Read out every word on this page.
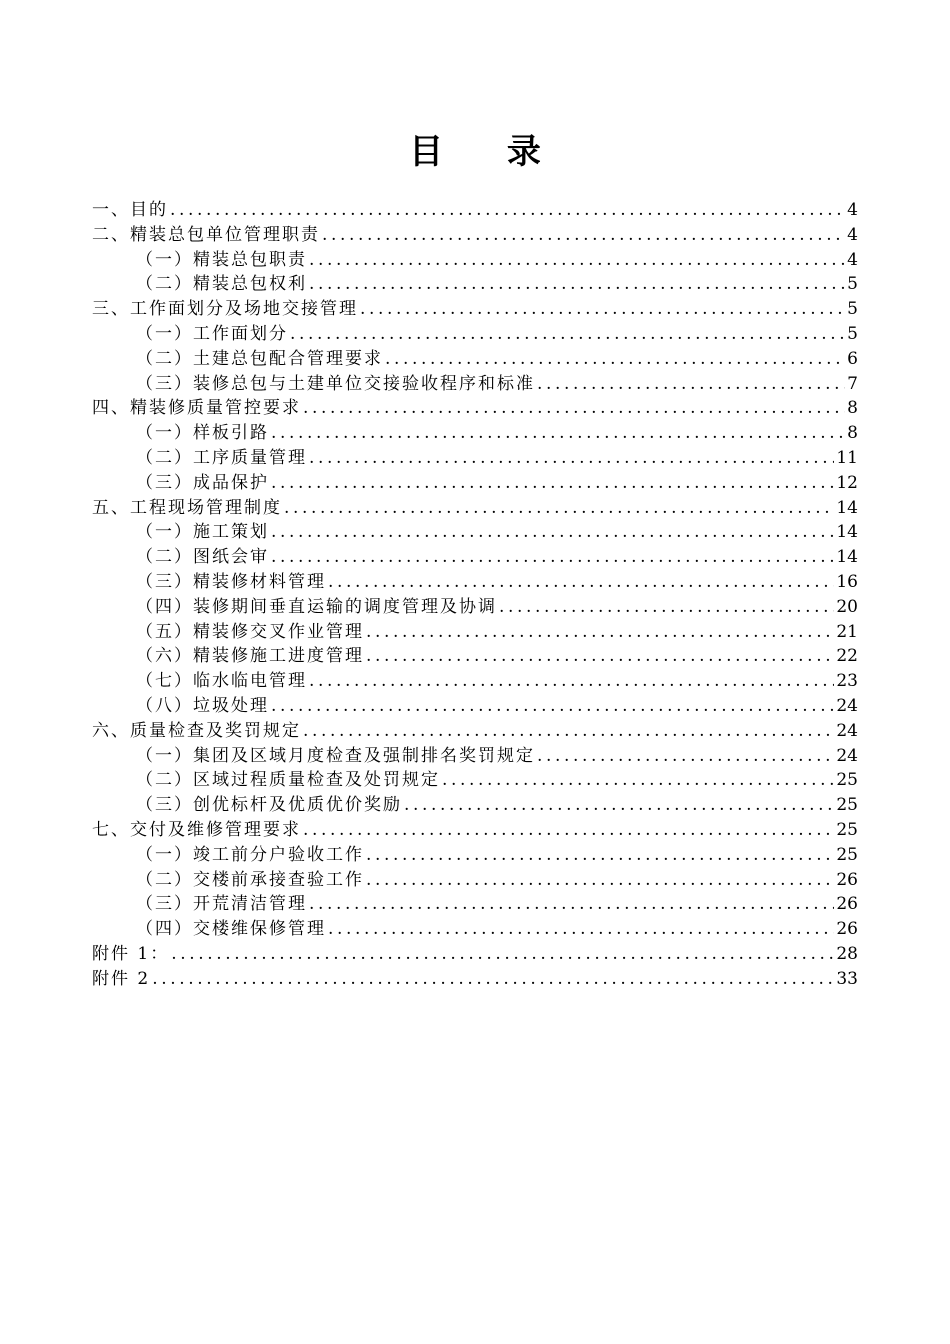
目 录
一、目的 .....	4
二、精装总包单位管理职责 .....	4
（一）精装总包职责 .....	4
（二）精装总包权利 .....	5
三、工作面划分及场地交接管理 .....	5
（一）工作面划分 .....	5
（二）土建总包配合管理要求 .....	6
（三）装修总包与土建单位交接验收程序和标准 .....	7
四、精装修质量管控要求 .....	8
（一）样板引路 .....	8
（二）工序质量管理 .....	11
（三）成品保护 .....	12
五、工程现场管理制度 .....	14
（一）施工策划 .....	14
（二）图纸会审 .....	14
（三）精装修材料管理 .....	16
（四）装修期间垂直运输的调度管理及协调 .....	20
（五）精装修交叉作业管理 .....	21
（六）精装修施工进度管理 .....	22
（七）临水临电管理 .....	23
（八）垃圾处理 .....	24
六、质量检查及奖罚规定 .....	24
（一）集团及区域月度检查及强制排名奖罚规定 .....	24
（二）区域过程质量检查及处罚规定 .....	25
（三）创优标杆及优质优价奖励 .....	25
七、交付及维修管理要求 .....	25
（一）竣工前分户验收工作 .....	25
（二）交楼前承接查验工作 .....	26
（三）开荒清洁管理 .....	26
（四）交楼维保修管理 .....	26
附件 1： .....	28
附件 2 .....	33
